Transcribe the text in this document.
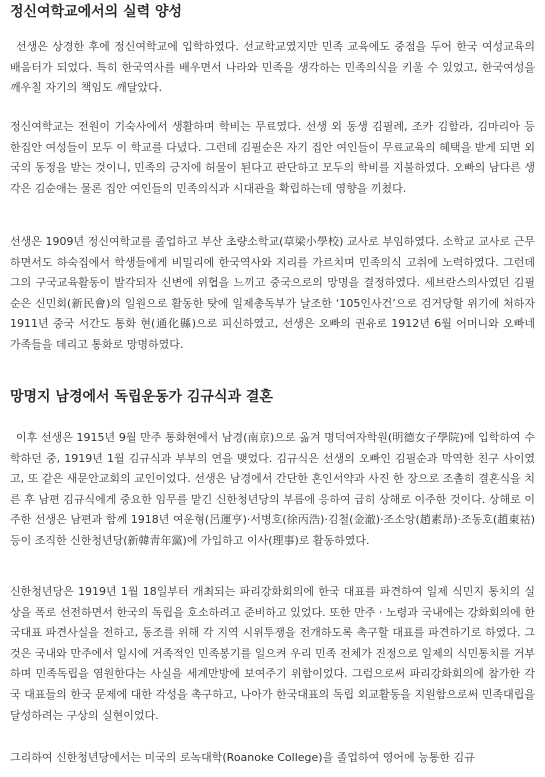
정신여학교에서의 실력 양성

선생은 상경한 후에 정신여학교에 입학하였다. 선교학교였지만 민족 교육에도 중점을 두어 한국 여성교육의 배움터가 되었다. 특히 한국역사를 배우면서 나라와 민족을 생각하는 민족의식을 키울 수 있었고, 한국여성을 깨우칠 자기의 책임도 깨달았다.

정신여학교는 전원이 기숙사에서 생활하며 학비는 무료였다. 선생 외 동생 김필례, 조카 김함라, 김마리아 등 한집안 여성들이 모두 이 학교를 다녔다. 그런데 김필순은 자기 집안 여인들이 무료교육의 혜택을 받게 되면 외국의 동정을 받는 것이니, 민족의 긍지에 허물이 된다고 판단하고 모두의 학비를 지불하였다. 오빠의 남다른 생각은 김순애는 물론 집안 여인들의 민족의식과 시대관을 확립하는데 영향을 끼쳤다.

선생은 1909년 정신여학교를 졸업하고 부산 초량소학교(草梁小學校) 교사로 부임하였다. 소학교 교사로 근무하면서도 하숙집에서 학생들에게 비밀리에 한국역사와 지리를 가르치며 민족의식 고취에 노력하였다. 그런데 그의 구국교육활동이 발각되자 신변에 위협을 느끼고 중국으로의 망명을 결정하였다. 세브란스의사였던 김필순은 신민회(新民會)의 일원으로 활동한 탓에 일제총독부가 날조한 ‘105인사건’으로 검거당할 위기에 처하자 1911년 중국 서간도 통화 현(通化縣)으로 피신하였고, 선생은 오빠의 권유로 1912년 6월 어머니와 오빠네 가족들을 데리고 통화로 망명하였다.

망명지 남경에서 독립운동가 김규식과 결혼

이후 선생은 1915년 9월 만주 통화현에서 남경(南京)으로 옮겨 명덕여자학원(明德女子學院)에 입학하여 수학하던 중, 1919년 1월 김규식과 부부의 연을 맺었다. 김규식은 선생의 오빠인 김필순과 막역한 친구 사이였고, 또 같은 새문안교회의 교인이었다. 선생은 남경에서 간단한 혼인서약과 사진 한 장으로 조촐히 결혼식을 치른 후 남편 김규식에게 중요한 임무를 맡긴 신한청년당의 부름에 응하여 급히 상해로 이주한 것이다. 상해로 이주한 선생은 남편과 함께 1918년 여운형(呂運亨)·서병호(徐丙浩)·김철(金澈)·조소앙(趙素昂)·조동호(趙東祜) 등이 조직한 신한청년당(新韓靑年黨)에 가입하고 이사(理事)로 활동하였다.

신한청년당은 1919년 1월 18일부터 개최되는 파리강화회의에 한국 대표를 파견하여 일제 식민지 통치의 실상을 폭로 선전하면서 한국의 독립을 호소하려고 준비하고 있었다. 또한 만주 · 노령과 국내에는 강화회의에 한국대표 파견사실을 전하고, 동조를 위해 각 지역 시위투쟁을 전개하도록 촉구할 대표를 파견하기로 하였다. 그것은 국내와 만주에서 일시에 거족적인 민족봉기를 일으켜 우리 민족 전체가 진정으로 일제의 식민통치를 거부하며 민족독립을 염원한다는 사실을 세계만방에 보여주기 위함이었다. 그럼으로써 파리강화회의에 참가한 각국 대표들의 한국 문제에 대한 각성을 촉구하고, 나아가 한국대표의 독립 외교활동을 지원함으로써 민족대립을 달성하려는 구상의 실현이었다.

그리하여 신한청년당에서는 미국의 로녹대학(Roanoke College)을 졸업하여 영어에 능통한 김규
